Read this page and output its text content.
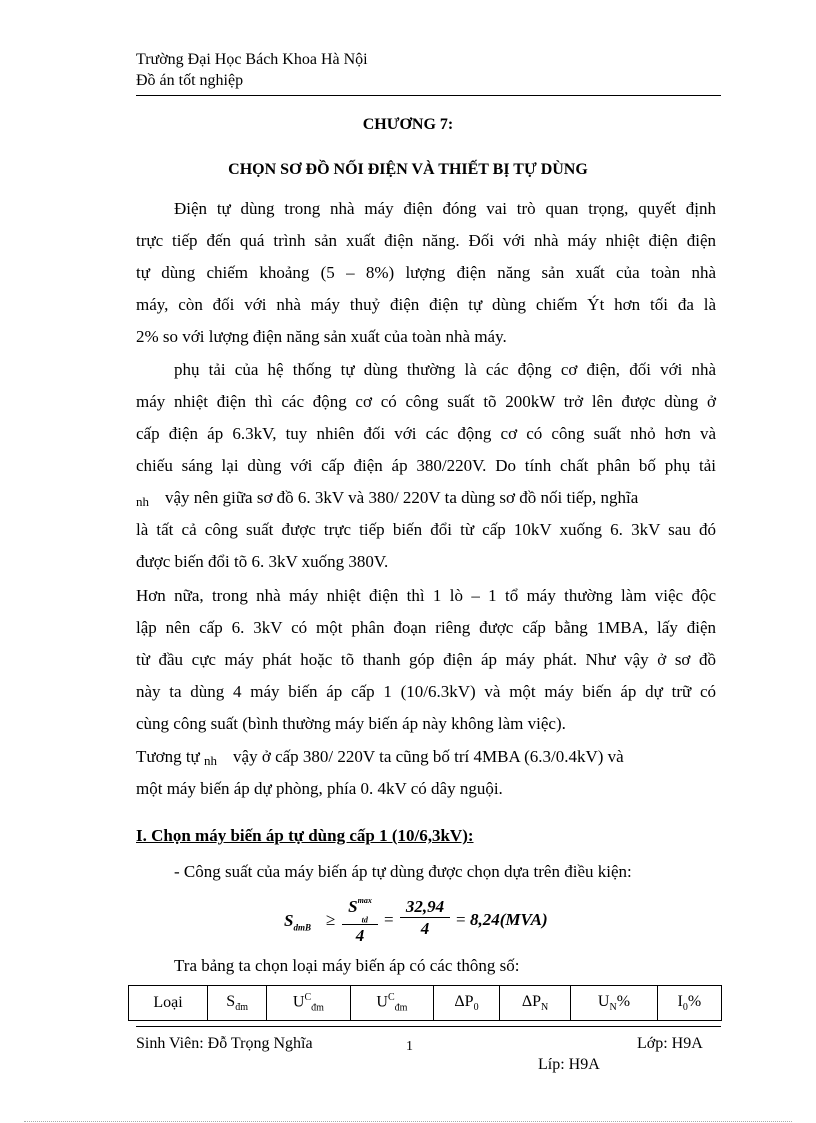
Trường Đại Học Bách Khoa Hà Nội
Đồ án tốt nghiệp
CHƯƠNG 7:
CHỌN SƠ ĐỒ NỐI ĐIỆN VÀ THIẾT BỊ TỰ DÙNG
Điện tự dùng trong nhà máy điện đóng vai trò quan trọng, quyết định
trực tiếp đến quá trình sản xuất điện năng. Đối với nhà máy nhiệt điện điện
tự dùng chiếm khoảng (5 – 8%) lượng điện năng sản xuất của toàn nhà
máy, còn đối với nhà máy thuỷ điện điện tự dùng chiếm Ýt hơn tối đa là
2% so với lượng điện năng sản xuất của toàn nhà máy.
phụ tải của hệ thống tự dùng thường là các động cơ điện, đối với nhà
máy nhiệt điện thì các động cơ có công suất tõ 200kW trở lên được dùng ở
cấp điện áp 6.3kV, tuy nhiên đối với các động cơ có công suất nhỏ hơn và
chiếu sáng lại dùng với cấp điện áp 380/220V. Do tính chất phân bố phụ tải
nh vậy nên giữa sơ đồ 6. 3kV và 380/ 220V ta dùng sơ đồ nối tiếp, nghĩa
là tất cả công suất được trực tiếp biến đổi từ cấp 10kV xuống 6. 3kV sau đó
được biến đổi tõ 6. 3kV xuống 380V.
Hơn nữa, trong nhà máy nhiệt điện thì 1 lò – 1 tổ máy thường làm việc độc
lập nên cấp 6. 3kV có một phân đoạn riêng được cấp bằng 1MBA, lấy điện
từ đầu cực máy phát hoặc tõ thanh góp điện áp máy phát. Như vậy ở sơ đồ
này ta dùng 4 máy biến áp cấp 1 (10/6.3kV) và một máy biến áp dự trữ có
cùng công suất (bình thường máy biến áp này không làm việc).
Tương tự nh vậy ở cấp 380/ 220V ta cũng bố trí 4MBA (6.3/0.4kV) và
một máy biến áp dự phòng, phía 0. 4kV có dây nguội.
I. Chọn máy biến áp tự dùng cấp 1 (10/6,3kV):
- Công suất của máy biến áp tự dùng được chọn dựa trên điều kiện:
$S_{dmB}$ ≥
$S^{max}$
$_{td}$
4
=
32,94
4	= 8,24(MVA)
Tra bảng ta chọn loại máy biến áp có các thông số:
Loại	$S_{đm}$	$U^C_{đm}$	$U^C_{đm}$	$\Delta P_0$	$\Delta P_N$	$U_N\%$	$I_0\%$
Sinh Viên: Đỗ Trọng Nghĩa	1	Lớp: H9A
Líp: H9A
